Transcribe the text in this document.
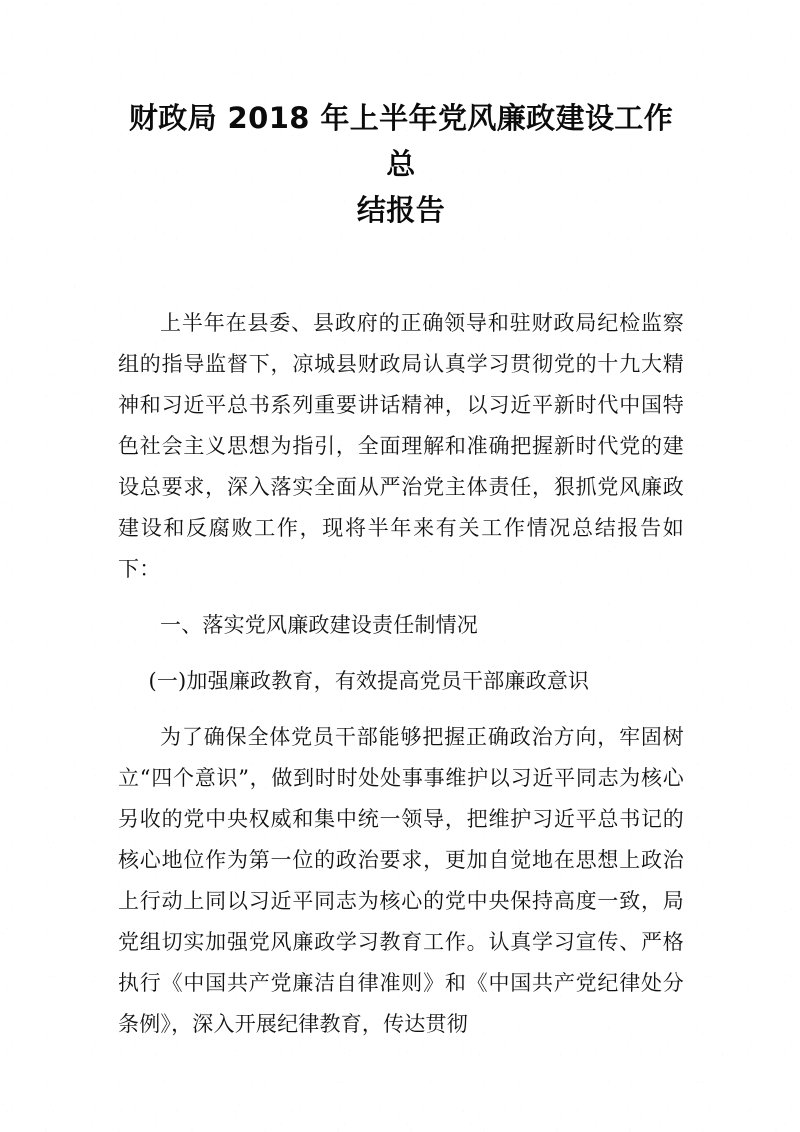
财政局 2018 年上半年党风廉政建设工作总
结报告

上半年在县委、县政府的正确领导和驻财政局纪检监察组的指导监督下，凉城县财政局认真学习贯彻党的十九大精神和习近平总书系列重要讲话精神，以习近平新时代中国特色社会主义思想为指引，全面理解和准确把握新时代党的建设总要求，深入落实全面从严治党主体责任，狠抓党风廉政建设和反腐败工作，现将半年来有关工作情况总结报告如下：

一、落实党风廉政建设责任制情况

(一)加强廉政教育，有效提高党员干部廉政意识

为了确保全体党员干部能够把握正确政治方向，牢固树立“四个意识”，做到时时处处事事维护以习近平同志为核心另收的党中央权威和集中统一领导，把维护习近平总书记的核心地位作为第一位的政治要求，更加自觉地在思想上政治上行动上同以习近平同志为核心的党中央保持高度一致，局党组切实加强党风廉政学习教育工作。认真学习宣传、严格执行《中国共产党廉洁自律准则》和《中国共产党纪律处分条例》，深入开展纪律教育，传达贯彻
